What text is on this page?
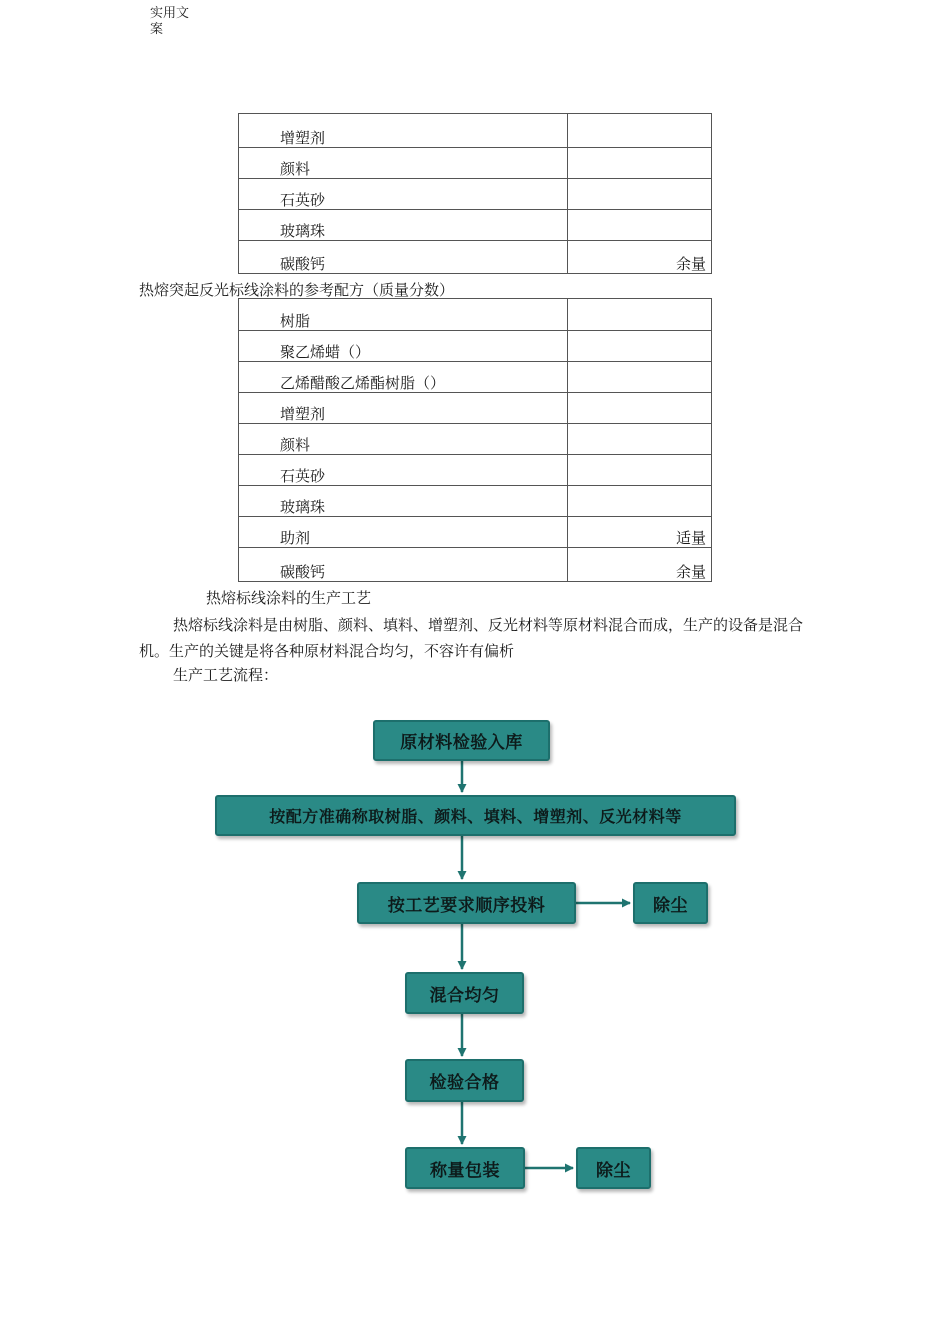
实用文案
增塑剂	
颜料	
石英砂	
玻璃珠	
碳酸钙	余量
热熔突起反光标线涂料的参考配方（质量分数）
树脂	
聚乙烯蜡（）	
乙烯醋酸乙烯酯树脂（）	
增塑剂	
颜料	
石英砂	
玻璃珠	
助剂	适量
碳酸钙	余量
热熔标线涂料的生产工艺
热熔标线涂料是由树脂、颜料、填料、增塑剂、反光材料等原材料混合而成，生产的设备是混合机。生产的关键是将各种原材料混合均匀，不容许有偏析
生产工艺流程：
原材料检验入库
按配方准确称取树脂、颜料、填料、增塑剂、反光材料等
按工艺要求顺序投料	除尘
混合均匀
检验合格
称量包装	除尘
